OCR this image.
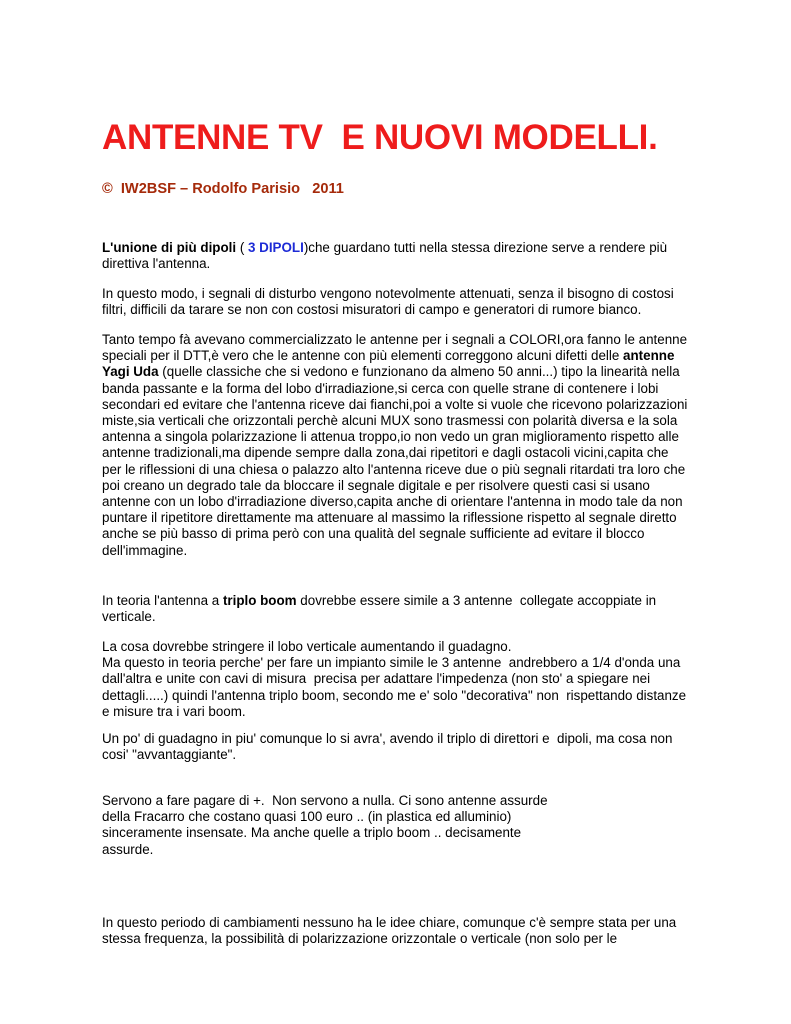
ANTENNE TV  E NUOVI MODELLI.
©  IW2BSF – Rodolfo Parisio   2011
L'unione di più dipoli ( 3 DIPOLI)che guardano tutti nella stessa direzione serve a rendere più
direttiva l'antenna.
In questo modo, i segnali di disturbo vengono notevolmente attenuati, senza il bisogno di costosi
filtri, difficili da tarare se non con costosi misuratori di campo e generatori di rumore bianco.
Tanto tempo fà avevano commercializzato le antenne per i segnali a COLORI,ora fanno le antenne
speciali per il DTT,è vero che le antenne con più elementi correggono alcuni difetti delle antenne
Yagi Uda (quelle classiche che si vedono e funzionano da almeno 50 anni...) tipo la linearità nella
banda passante e la forma del lobo d'irradiazione,si cerca con quelle strane di contenere i lobi
secondari ed evitare che l'antenna riceve dai fianchi,poi a volte si vuole che ricevono polarizzazioni
miste,sia verticali che orizzontali perchè alcuni MUX sono trasmessi con polarità diversa e la sola
antenna a singola polarizzazione li attenua troppo,io non vedo un gran miglioramento rispetto alle
antenne tradizionali,ma dipende sempre dalla zona,dai ripetitori e dagli ostacoli vicini,capita che
per le riflessioni di una chiesa o palazzo alto l'antenna riceve due o più segnali ritardati tra loro che
poi creano un degrado tale da bloccare il segnale digitale e per risolvere questi casi si usano
antenne con un lobo d'irradiazione diverso,capita anche di orientare l'antenna in modo tale da non
puntare il ripetitore direttamente ma attenuare al massimo la riflessione rispetto al segnale diretto
anche se più basso di prima però con una qualità del segnale sufficiente ad evitare il blocco
dell'immagine.
In teoria l'antenna a triplo boom dovrebbe essere simile a 3 antenne  collegate accoppiate in
verticale.
La cosa dovrebbe stringere il lobo verticale aumentando il guadagno.
Ma questo in teoria perche' per fare un impianto simile le 3 antenne  andrebbero a 1/4 d'onda una
dall'altra e unite con cavi di misura  precisa per adattare l'impedenza (non sto' a spiegare nei
dettagli.....) quindi l'antenna triplo boom, secondo me e' solo "decorativa" non  rispettando distanze
e misure tra i vari boom.
Un po' di guadagno in piu' comunque lo si avra', avendo il triplo di direttori e  dipoli, ma cosa non
cosi' "avvantaggiante".
Servono a fare pagare di +.  Non servono a nulla. Ci sono antenne assurde
della Fracarro che costano quasi 100 euro .. (in plastica ed alluminio)
sinceramente insensate. Ma anche quelle a triplo boom .. decisamente
assurde.
In questo periodo di cambiamenti nessuno ha le idee chiare, comunque c'è sempre stata per una
stessa frequenza, la possibilità di polarizzazione orizzontale o verticale (non solo per le
